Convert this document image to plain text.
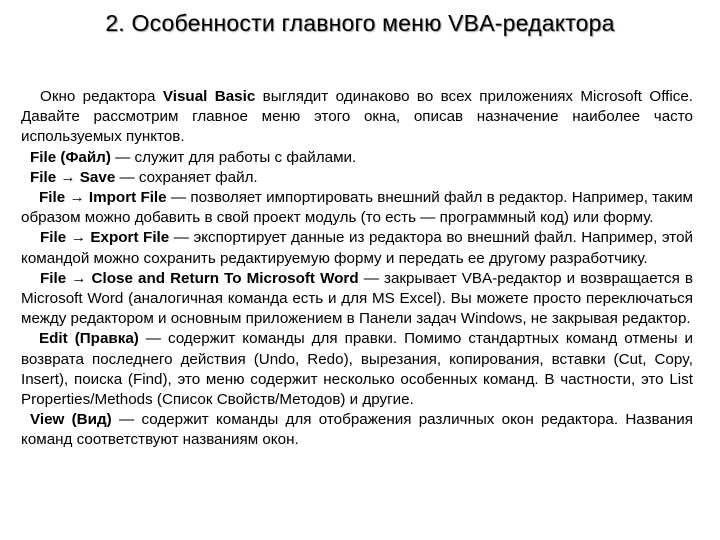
2. Особенности главного меню VBA-редактора

Окно редактора Visual Basic выглядит одинаково во всех приложениях Microsoft Office. Давайте рассмотрим главное меню этого окна, описав назначение наиболее часто используемых пунктов.

File (Файл) — служит для работы с файлами.

File → Save — сохраняет файл.

File → Import File — позволяет импортировать внешний файл в редактор. Например, таким образом можно добавить в свой проект модуль (то есть — программный код) или форму.

File → Export File — экспортирует данные из редактора во внешний файл. Например, этой командой можно сохранить редактируемую форму и передать ее другому разработчику.

File → Close and Return To Microsoft Word — закрывает VBA-редактор и возвращается в Microsoft Word (аналогичная команда есть и для MS Excel). Вы можете просто переключаться между редактором и основным приложением в Панели задач Windows, не закрывая редактор.

Edit (Правка) — содержит команды для правки. Помимо стандартных команд отмены и возврата последнего действия (Undo, Redo), вырезания, копирования, вставки (Cut, Copy, Insert), поиска (Find), это меню содержит несколько особенных команд. В частности, это List Properties/Methods (Список Свойств/Методов) и другие.

View (Вид) — содержит команды для отображения различных окон редактора. Названия команд соответствуют названиям окон.
